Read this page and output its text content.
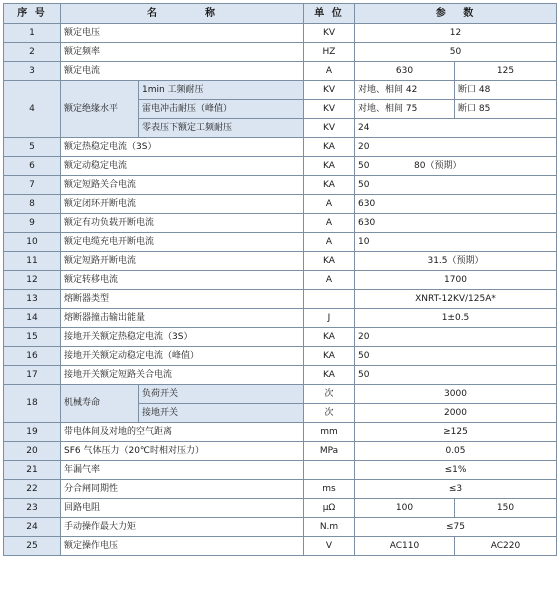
序 号	名 称		单 位	参 数	

1	额定电压		KV	12	
2	额定频率		HZ	50	
3	额定电流		A	630	125
4	额定绝缘水平	1min 工频耐压	KV	对地、相间 42	断口 48
		雷电冲击耐压（峰值）	KV	对地、相间 75	断口 85
		零表压下额定工频耐压	KV	24	
5	额定热稳定电流（3S）		KA	20	
6	额定动稳定电流		KA	50 80（预期）	

7	额定短路关合电流		KA	50	
8	额定闭环开断电流		A	630	
9	额定有功负载开断电流		A	630	
10	额定电缆充电开断电流		A	10	
11	额定短路开断电流		KA	31.5（预期）	
12	额定转移电流		A	1700	
13	熔断器类型			XNRT-12KV/125A*	
14	熔断器撞击输出能量		J	1±0.5	
15	接地开关额定热稳定电流（3S）		KA	20	
16	接地开关额定动稳定电流（峰值）		KA	50	
17	接地开关额定短路关合电流		KA	50	
18	机械寿命	负荷开关	次	3000	
		接地开关	次	2000	
19	带电体间及对地的空气距离		mm	≥125	
20	SF6 气体压力（20℃时相对压力）		MPa	0.05	
21	年漏气率			≤1%	
22	分合闸同期性		ms	≤3	
23	回路电阻		μΩ	100	150
24	手动操作最大力矩		N.m	≤75	
25	额定操作电压		V	AC110	AC220
